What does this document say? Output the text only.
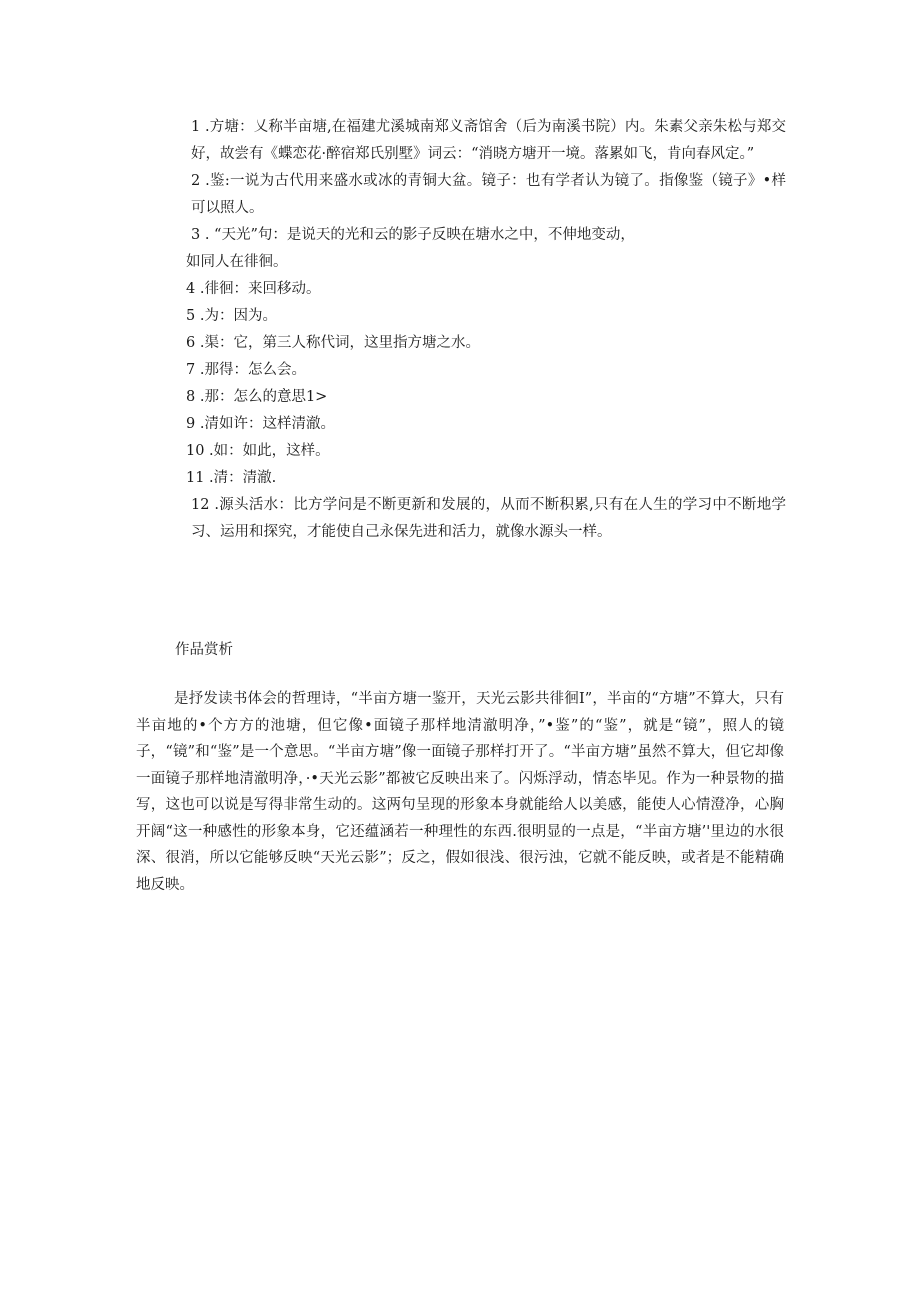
1 .方塘：乂称半亩塘,在福建尤溪城南郑义斋馆舍（后为南溪书院）内。朱素父亲朱松与郑交好，故尝有《蝶恋花·醉宿郑氏别墅》词云：“消晓方塘开一境。落累如飞，肯向春风定。”

2 .鉴:一说为古代用来盛水或冰的青铜大盆。镜子：也有学者认为镜了。指像鉴（镜子》•样可以照人。

3 . “天光”句：是说天的光和云的影子反映在塘水之中，不伸地变动，

如同人在徘徊。

4 .徘徊：来回移动。

5 .为：因为。

6 .渠：它，第三人称代词，这里指方塘之水。

7 .那得：怎么会。

8 .那：怎么的意思1>

9 .清如许：这样清澈。

10 .如：如此，这样。

11 .清：清澈.

12 .源头活水：比方学问是不断更新和发展的，从而不断积累,只有在人生的学习中不断地学习、运用和探究，才能使自己永保先进和活力，就像水源头一样。

作品赏析

是抒发读书体会的哲理诗，“半亩方塘一鉴开，天光云影共徘徊I”，半亩的“方塘”不算大，只有半亩地的•个方方的池塘，但它像•面镜子那样地清澈明净，”•鉴”的“鉴”，就是“镜”，照人的镜子，“镜”和“鉴”是一个意思。“半亩方塘”像一面镜子那样打开了。“半亩方塘”虽然不算大，但它却像一面镜子那样地清澈明净，·•天光云影”都被它反映出来了。闪烁浮动，情态毕见。作为一种景物的描写，这也可以说是写得非常生动的。这两句呈现的形象本身就能给人以美感，能使人心情澄净，心胸开阔“这一种感性的形象本身，它还蕴涵若一种理性的东西.很明显的一点是，“半亩方塘’'里边的水很深、很消，所以它能够反映“天光云影”；反之，假如很浅、很污浊，它就不能反映，或者是不能精确地反映。
